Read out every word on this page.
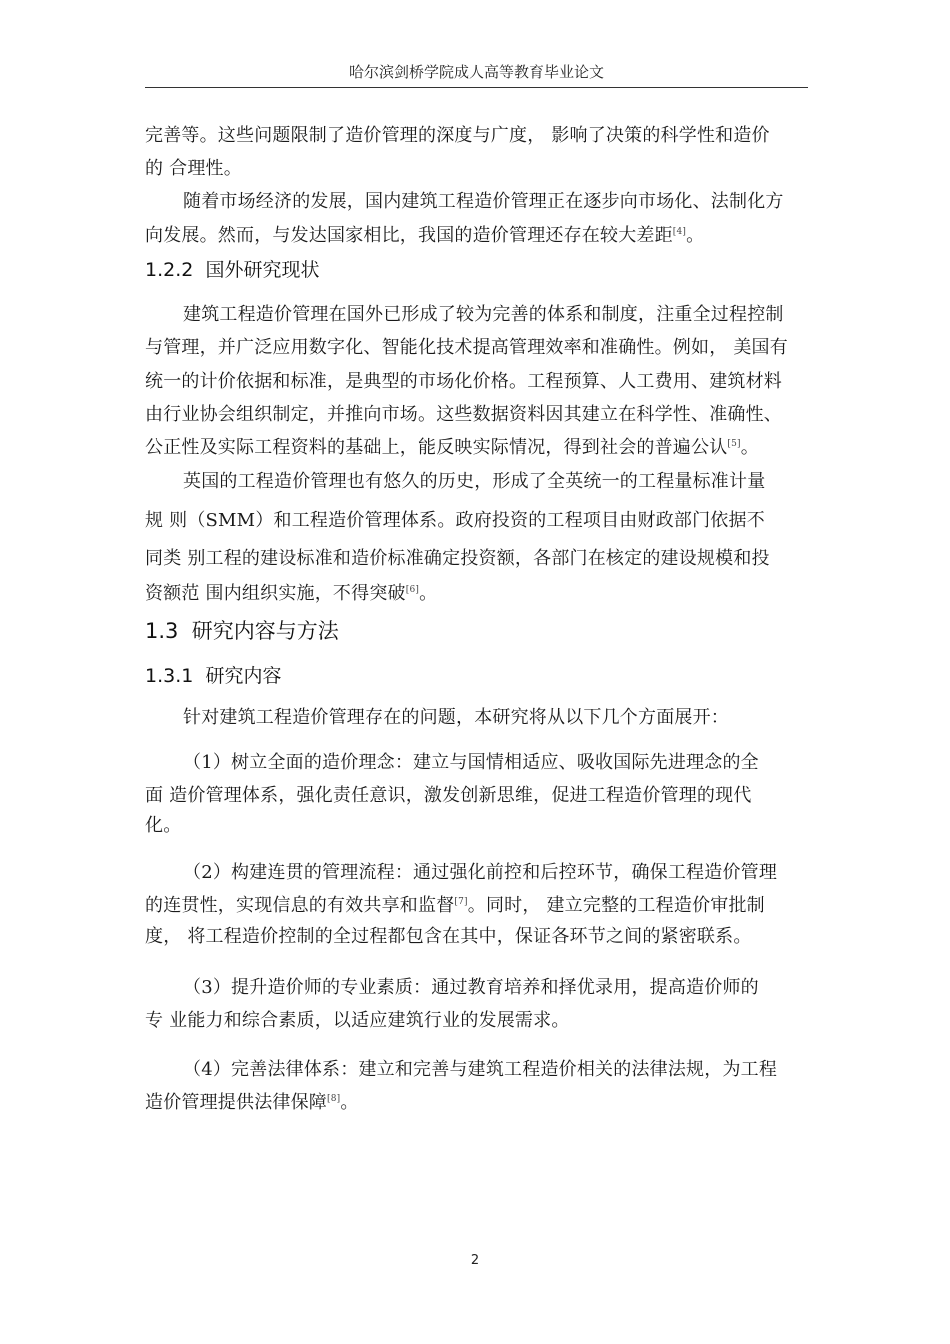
哈尔滨剑桥学院成人高等教育毕业论文
完善等。这些问题限制了造价管理的深度与广度， 影响了决策的科学性和造价
的 合理性。
随着市场经济的发展，国内建筑工程造价管理正在逐步向市场化、法制化方
向发展。然而，与发达国家相比，我国的造价管理还存在较大差距[4]。
1.2.2 国外研究现状
建筑工程造价管理在国外已形成了较为完善的体系和制度，注重全过程控制
与管理，并广泛应用数字化、智能化技术提高管理效率和准确性。例如， 美国有
统一的计价依据和标准，是典型的市场化价格。工程预算、人工费用、建筑材料
由行业协会组织制定，并推向市场。这些数据资料因其建立在科学性、准确性、
公正性及实际工程资料的基础上，能反映实际情况，得到社会的普遍公认[5]。
英国的工程造价管理也有悠久的历史，形成了全英统一的工程量标准计量
规 则（SMM）和工程造价管理体系。政府投资的工程项目由财政部门依据不
同类 别工程的建设标准和造价标准确定投资额，各部门在核定的建设规模和投
资额范 围内组织实施，不得突破[6]。
1.3 研究内容与方法
1.3.1 研究内容
针对建筑工程造价管理存在的问题，本研究将从以下几个方面展开：
（1）树立全面的造价理念：建立与国情相适应、吸收国际先进理念的全
面 造价管理体系，强化责任意识，激发创新思维，促进工程造价管理的现代
化。
（2）构建连贯的管理流程：通过强化前控和后控环节，确保工程造价管理
的连贯性，实现信息的有效共享和监督[7]。同时， 建立完整的工程造价审批制
度， 将工程造价控制的全过程都包含在其中，保证各环节之间的紧密联系。
（3）提升造价师的专业素质：通过教育培养和择优录用，提高造价师的
专 业能力和综合素质，以适应建筑行业的发展需求。
（4）完善法律体系：建立和完善与建筑工程造价相关的法律法规，为工程
造价管理提供法律保障[8]。
2
